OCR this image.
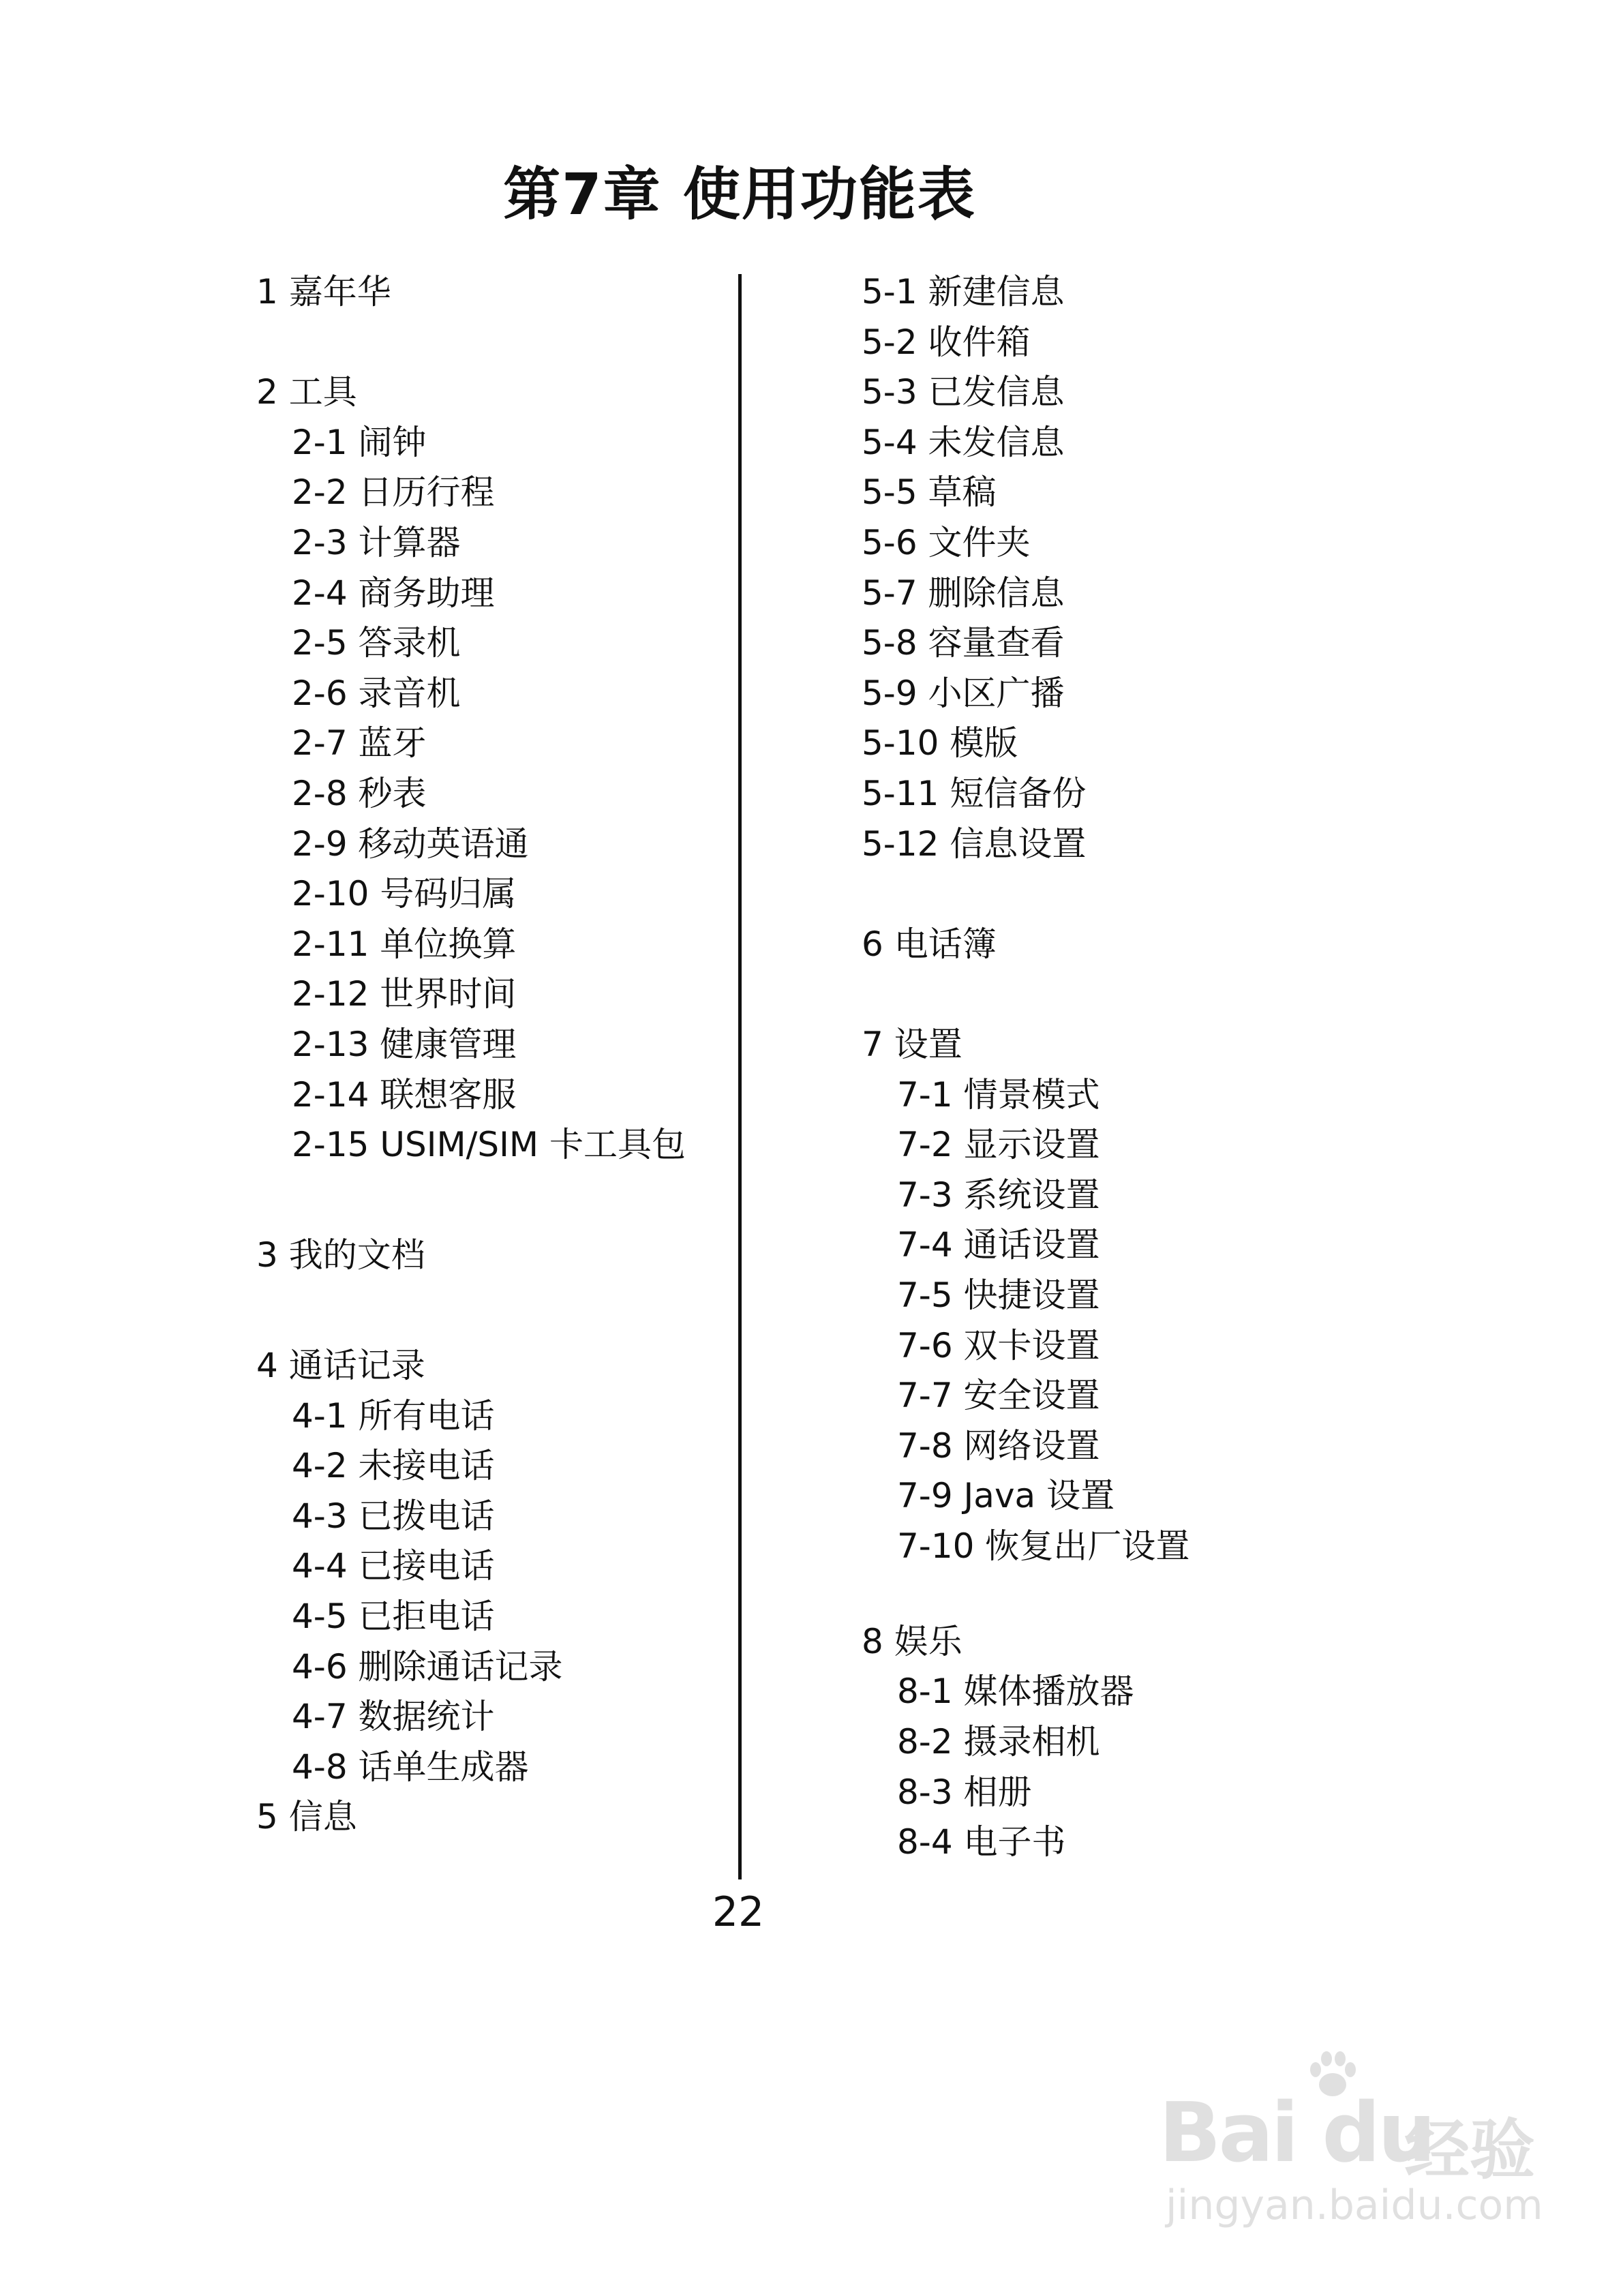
第7章 使用功能表
1 嘉年华
2 工具
2-1 闹钟
2-2 日历行程
2-3 计算器
2-4 商务助理
2-5 答录机
2-6 录音机
2-7 蓝牙
2-8 秒表
2-9 移动英语通
2-10 号码归属
2-11 单位换算
2-12 世界时间
2-13 健康管理
2-14 联想客服
2-15 USIM/SIM 卡工具包
3 我的文档
4 通话记录
4-1 所有电话
4-2 未接电话
4-3 已拨电话
4-4 已接电话
4-5 已拒电话
4-6 删除通话记录
4-7 数据统计
4-8 话单生成器
5 信息
5-1 新建信息
5-2 收件箱
5-3 已发信息
5-4 未发信息
5-5 草稿
5-6 文件夹
5-7 删除信息
5-8 容量查看
5-9 小区广播
5-10 模版
5-11 短信备份
5-12 信息设置
6 电话簿
7 设置
7-1 情景模式
7-2 显示设置
7-3 系统设置
7-4 通话设置
7-5 快捷设置
7-6 双卡设置
7-7 安全设置
7-8 网络设置
7-9 Java 设置
7-10 恢复出厂设置
8 娱乐
8-1 媒体播放器
8-2 摄录相机
8-3 相册
8-4 电子书
22
Bai du
经验
jingyan.baidu.com
